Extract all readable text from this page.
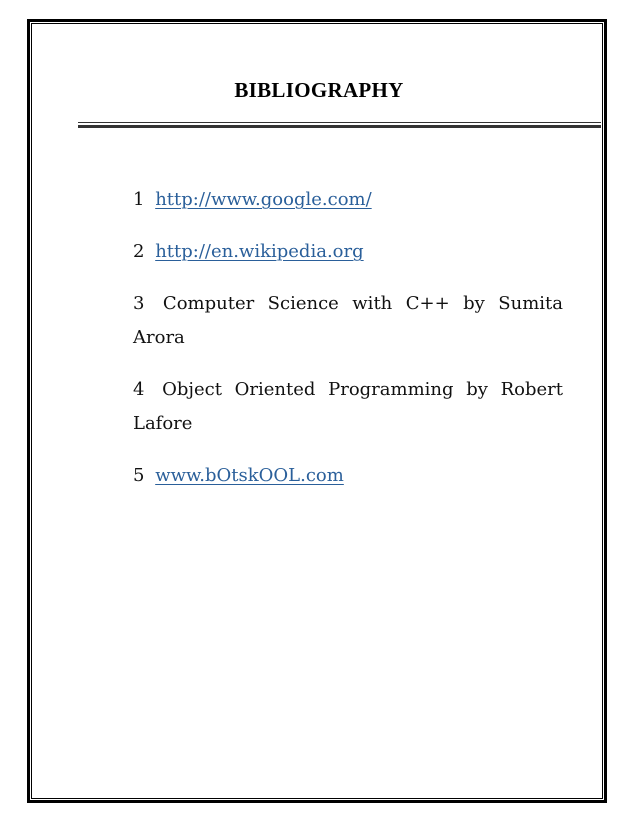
BIBLIOGRAPHY
1 http://www.google.com/
2 http://en.wikipedia.org
3 Computer Science with C++ by Sumita Arora
4 Object Oriented Programming by Robert Lafore
5 www.bOtskOOL.com
